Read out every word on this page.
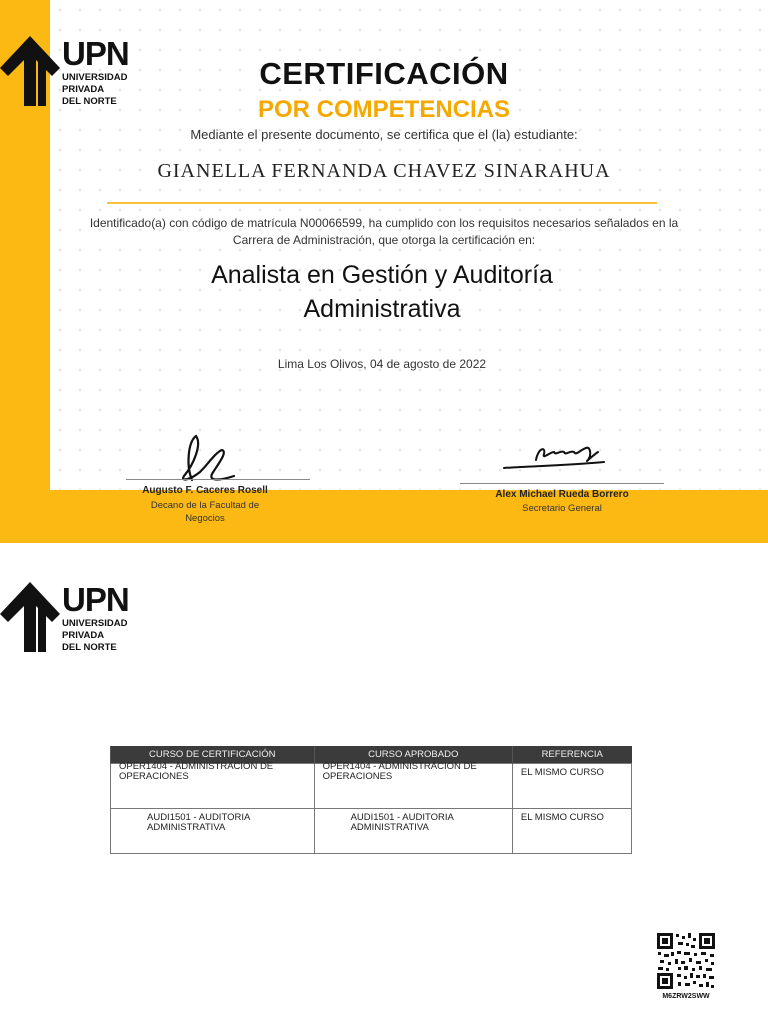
UPN
UNIVERSIDAD
PRIVADA
DEL NORTE
CERTIFICACIÓN
POR COMPETENCIAS
Mediante el presente documento, se certifica que el (la) estudiante:
GIANELLA FERNANDA CHAVEZ SINARAHUA
Identificado(a) con código de matrícula N00066599, ha cumplido con los requisitos necesarios señalados en la Carrera de Administración, que otorga la certificación en:
Analista en Gestión y Auditoría Administrativa
Lima Los Olivos, 04 de agosto de 2022
Augusto F. Caceres Rosell
Decano de la Facultad de Negocios
Alex Michael Rueda Borrero
Secretario General
UPN
UNIVERSIDAD
PRIVADA
DEL NORTE
CURSO DE CERTIFICACIÓN	CURSO APROBADO	REFERENCIA

OPER1404 - ADMINISTRACION DE OPERACIONES	OPER1404 - ADMINISTRACION DE OPERACIONES	EL MISMO CURSO

AUDI1501 - AUDITORIA ADMINISTRATIVA	AUDI1501 - AUDITORIA ADMINISTRATIVA	EL MISMO CURSO
M6ZRW2SWW
